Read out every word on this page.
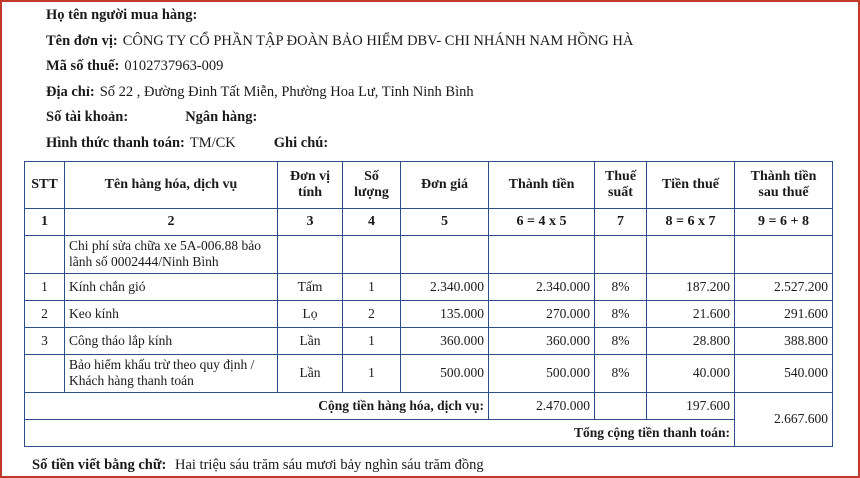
Họ tên người mua hàng:
Tên đơn vị: CÔNG TY CỔ PHẦN TẬP ĐOÀN BẢO HIỂM DBV- CHI NHÁNH NAM HỒNG HÀ
Mã số thuế: 0102737963-009
Địa chỉ: Số 22 , Đường Đinh Tất Miễn, Phường Hoa Lư, Tỉnh Ninh Bình
Số tài khoản:	Ngân hàng:
Hình thức thanh toán: TM/CK	Ghi chú:
STT	Tên hàng hóa, dịch vụ	Đơn vị tính	Số lượng	Đơn giá	Thành tiền	Thuế suất	Tiền thuế	Thành tiền sau thuế
1	2	3	4	5	6 = 4 x 5	7	8 = 6 x 7	9 = 6 + 8
	Chi phí sửa chữa xe 5A-006.88 bảo lãnh số 0002444/Ninh Bình							
1	Kính chắn gió	Tấm	1	2.340.000	2.340.000	8%	187.200	2.527.200
2	Keo kính	Lọ	2	135.000	270.000	8%	21.600	291.600
3	Công tháo lắp kính	Lần	1	360.000	360.000	8%	28.800	388.800
	Bảo hiểm khấu trừ theo quy định / Khách hàng thanh toán	Lần	1	500.000	500.000	8%	40.000	540.000
Cộng tiền hàng hóa, dịch vụ:					2.470.000		197.600	2.667.600
Tổng cộng tiền thanh toán:								
Số tiền viết bằng chữ: Hai triệu sáu trăm sáu mươi bảy nghìn sáu trăm đồng
